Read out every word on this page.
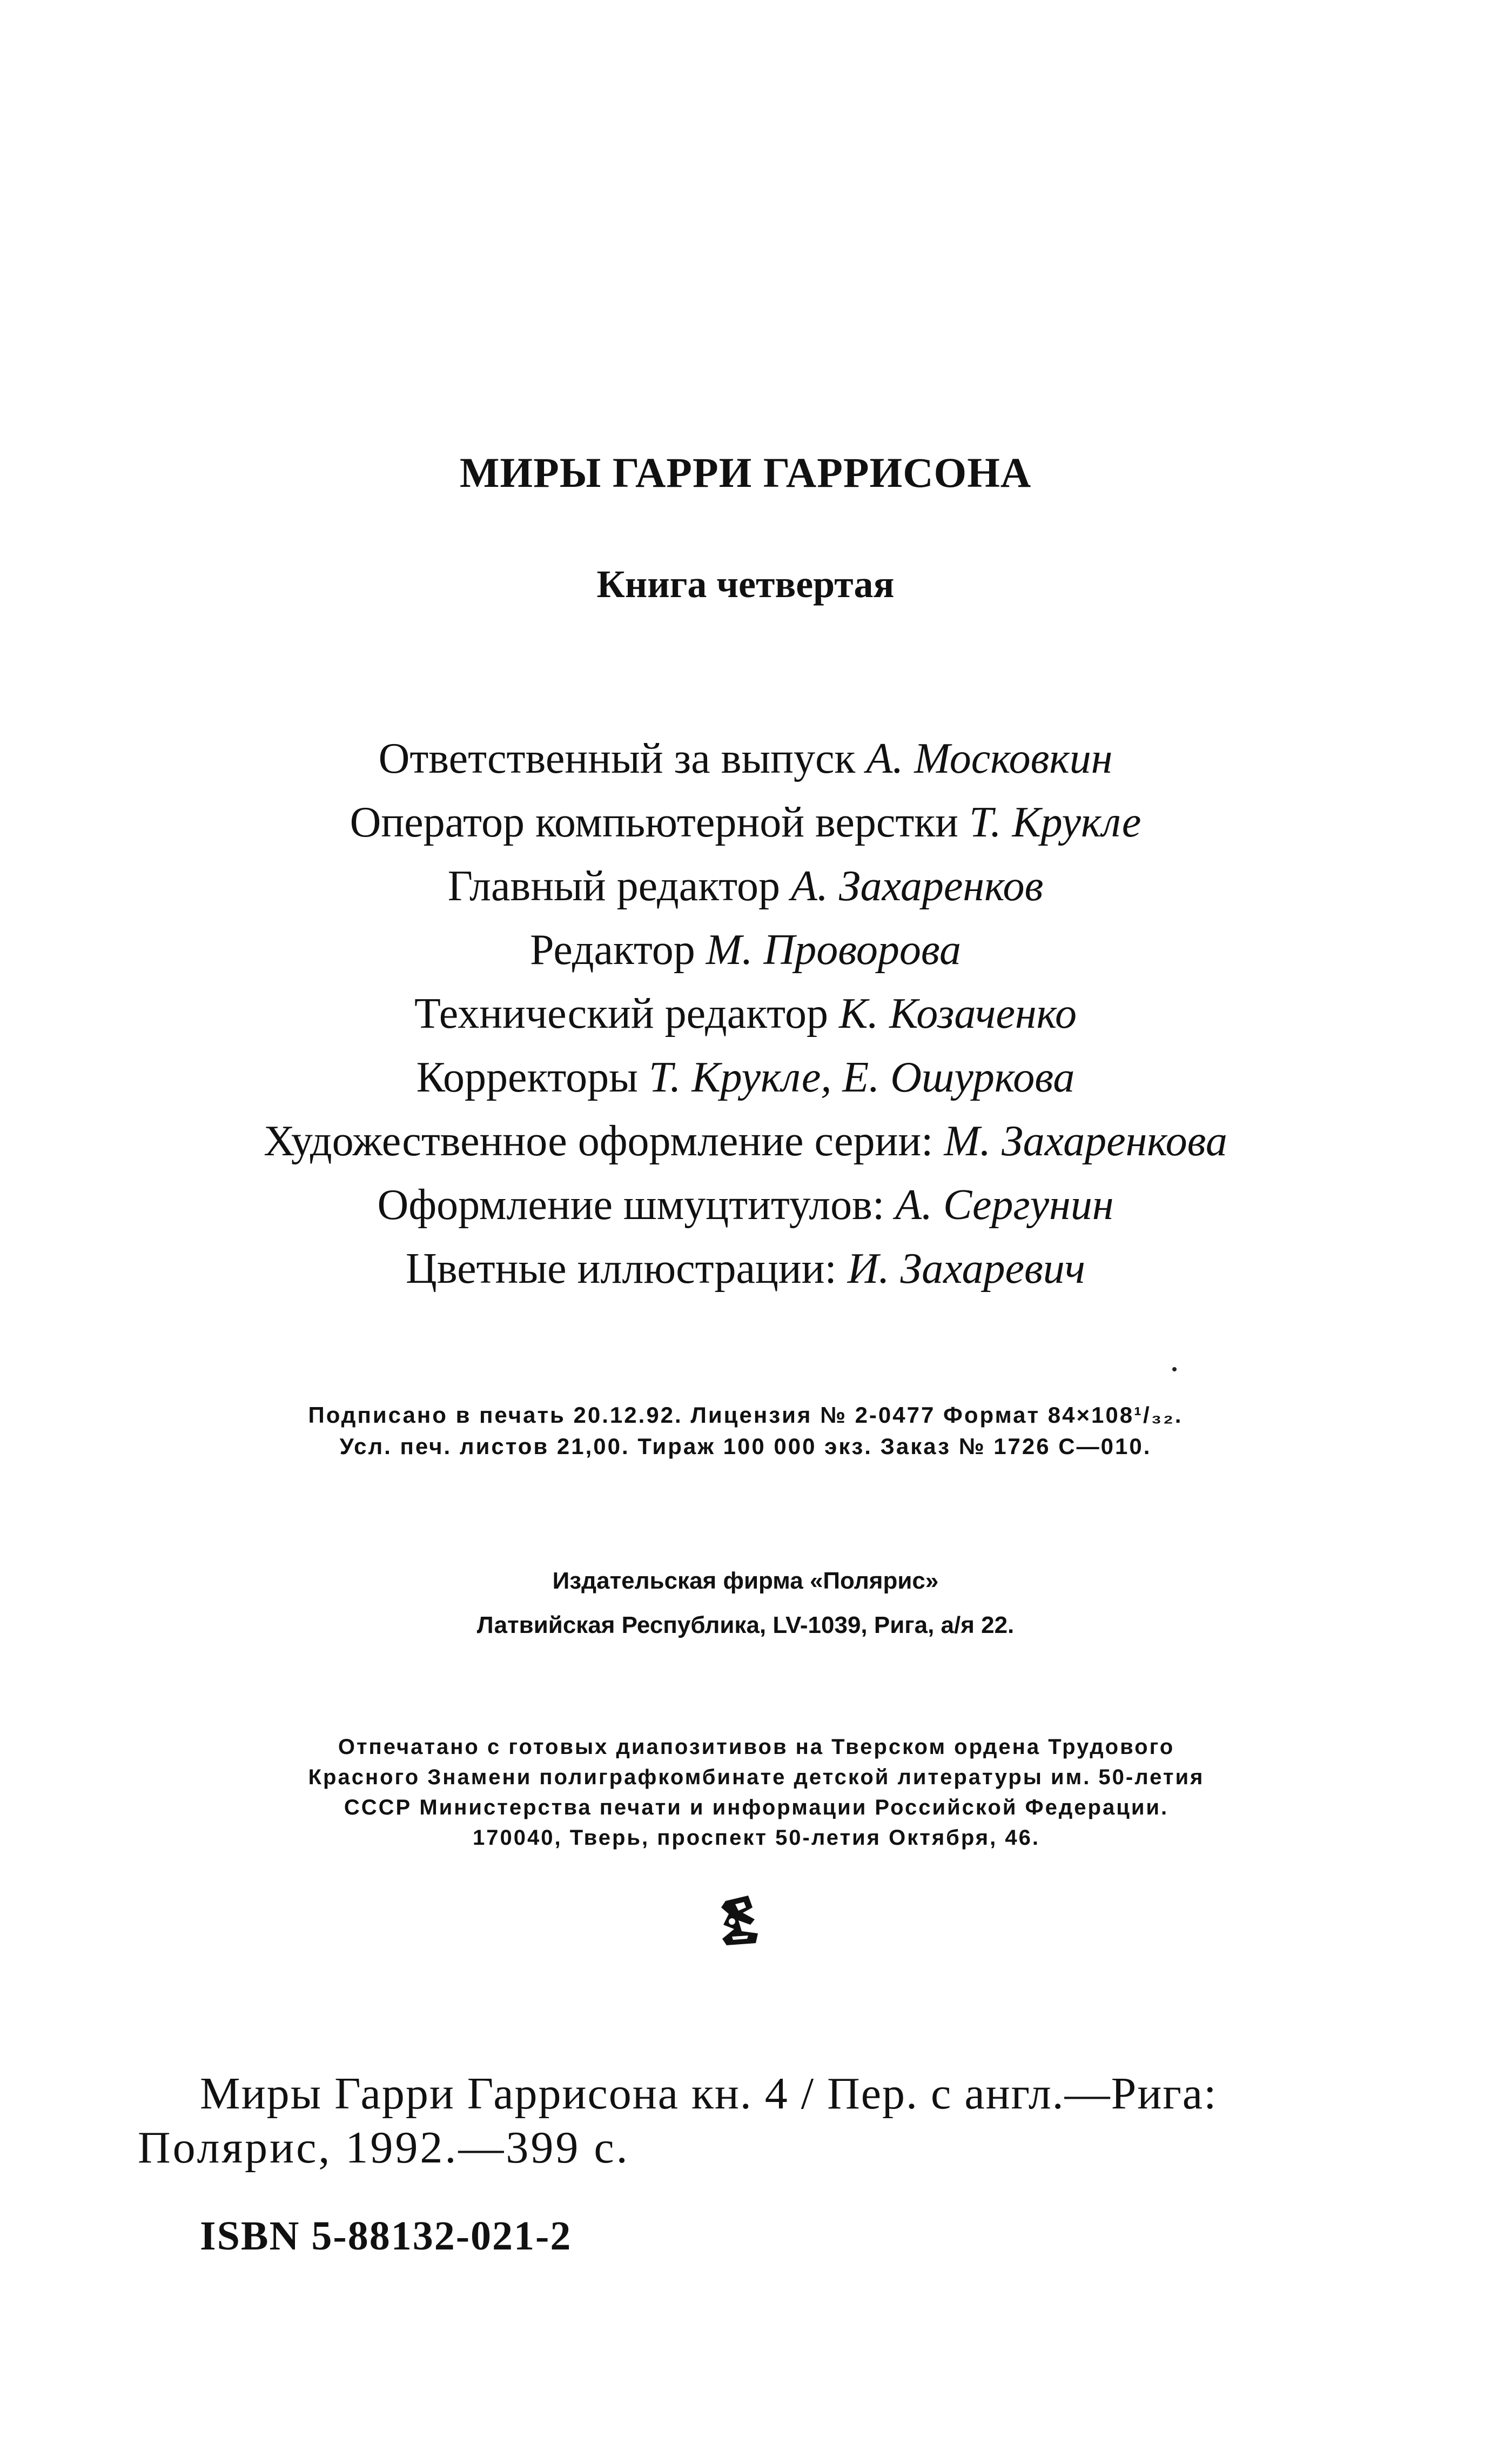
МИРЫ ГАРРИ ГАРРИСОНА
Книга четвертая
Ответственный за выпуск А. Московкин
Оператор компьютерной верстки Т. Крукле
Главный редактор А. Захаренков
Редактор М. Проворова
Технический редактор К. Козаченко
Корректоры Т. Крукле, Е. Ошуркова
Художественное оформление серии: М. Захаренкова
Оформление шмуцтитулов: А. Сергунин
Цветные иллюстрации: И. Захаревич
Подписано в печать 20.12.92. Лицензия № 2-0477 Формат 84×108¹/₃₂.
Усл. печ. листов 21,00. Тираж 100 000 экз. Заказ № 1726 С—010.
Издательская фирма «Полярис»
Латвийская Республика, LV-1039, Рига, а/я 22.
Отпечатано с готовых диапозитивов на Тверском ордена Трудового
Красного Знамени полиграфкомбинате детской литературы им. 50-летия
СССР Министерства печати и информации Российской Федерации.
170040, Тверь, проспект 50-летия Октября, 46.
Миры Гарри Гаррисона кн. 4 / Пер. с англ.—Рига:
Полярис, 1992.—399 с.
ISBN 5-88132-021-2
